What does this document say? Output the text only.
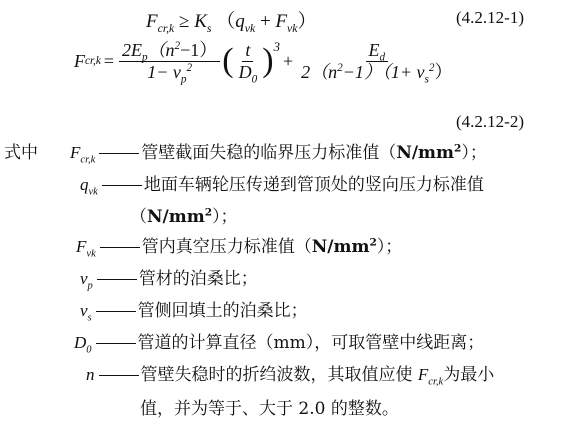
$F_{cr,k} \ge K_s$ $(q_{vk} + F_{vk})$	(4.2.12-1)
F $cr,k = \frac{2E_p(n^2-1)}{1- v_p^2}$ ( $\frac{t}{D_0} )^3$
+ $\frac{E_d}{2(n^2-1)(1+ v_s^2)}$
(4.2.12-2)
式中 $F_{cr,k}$	管壁截面失稳的临界压力标准值$(N/mm^2)$；
$q_{vk}$	地面车辆轮压传递到管顶处的竖向压力标准值
$(N/mm^2)$；
$F_{vk}$	管内真空压力标准值$(N/mm^2)$；
$v_p$	管材的泊桑比；
$v_s$	管侧回填土的泊桑比；
$D_0$	管道的计算直径（mm），可取管壁中线距离；
n	管壁失稳时的折绉波数，其取值应使 $F_{cr,k}$为最小
值，并为等于、大于 2.0 的整数。
